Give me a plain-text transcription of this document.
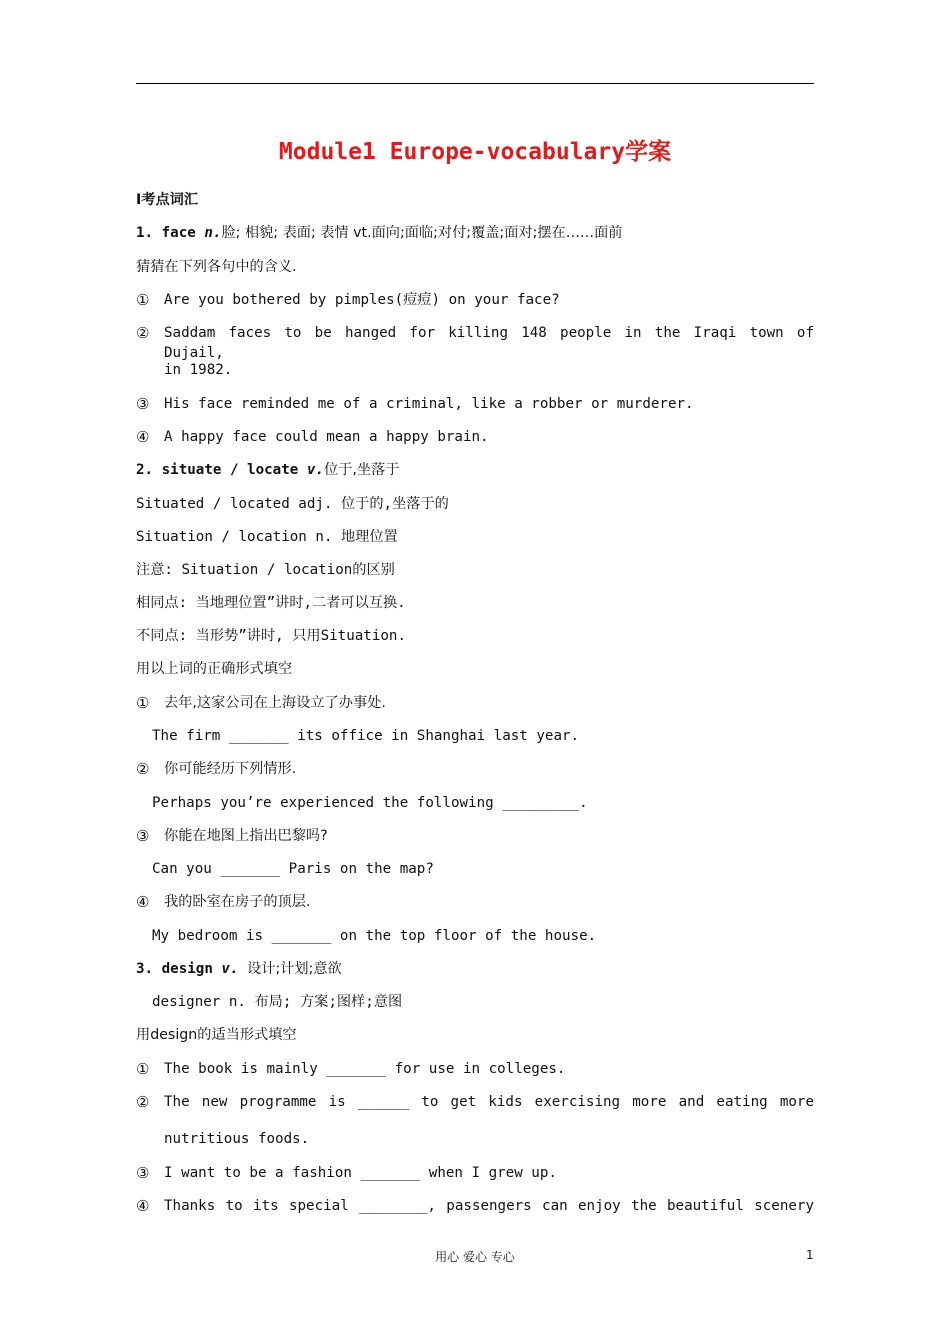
Module1 Europe-vocabulary学案
I考点词汇
1. face n.脸; 相貌; 表面; 表情 vt.面向;面临;对付;覆盖;面对;摆在……面前
猜猜在下列各句中的含义.
① Are you bothered by pimples(痘痘) on your face?
② Saddam faces to be hanged for killing 148 people in the Iraqi town of Dujail,
in 1982.
③ His face reminded me of a criminal, like a robber or murderer.
④ A happy face could mean a happy brain.
2. situate / locate v.位于,坐落于
Situated / located adj. 位于的,坐落于的
Situation / location n. 地理位置
注意: Situation / location的区别
相同点: 当地理位置”讲时,二者可以互换.
不同点: 当形势”讲时, 只用Situation.
用以上词的正确形式填空
① 去年,这家公司在上海设立了办事处.
The firm _______ its office in Shanghai last year.
② 你可能经历下列情形.
Perhaps you’re experienced the following _________.
③ 你能在地图上指出巴黎吗?
Can you _______ Paris on the map?
④ 我的卧室在房子的顶层.
My bedroom is _______ on the top floor of the house.
3. design v. 设计;计划;意欲
designer n. 布局; 方案;图样;意图
用design的适当形式填空
① The book is mainly _______ for use in colleges.
② The new programme is ______ to get kids exercising more and eating more
nutritious foods.
③ I want to be a fashion _______ when I grew up.
④ Thanks to its special ________, passengers can enjoy the beautiful scenery
用心 爱心 专心	1
